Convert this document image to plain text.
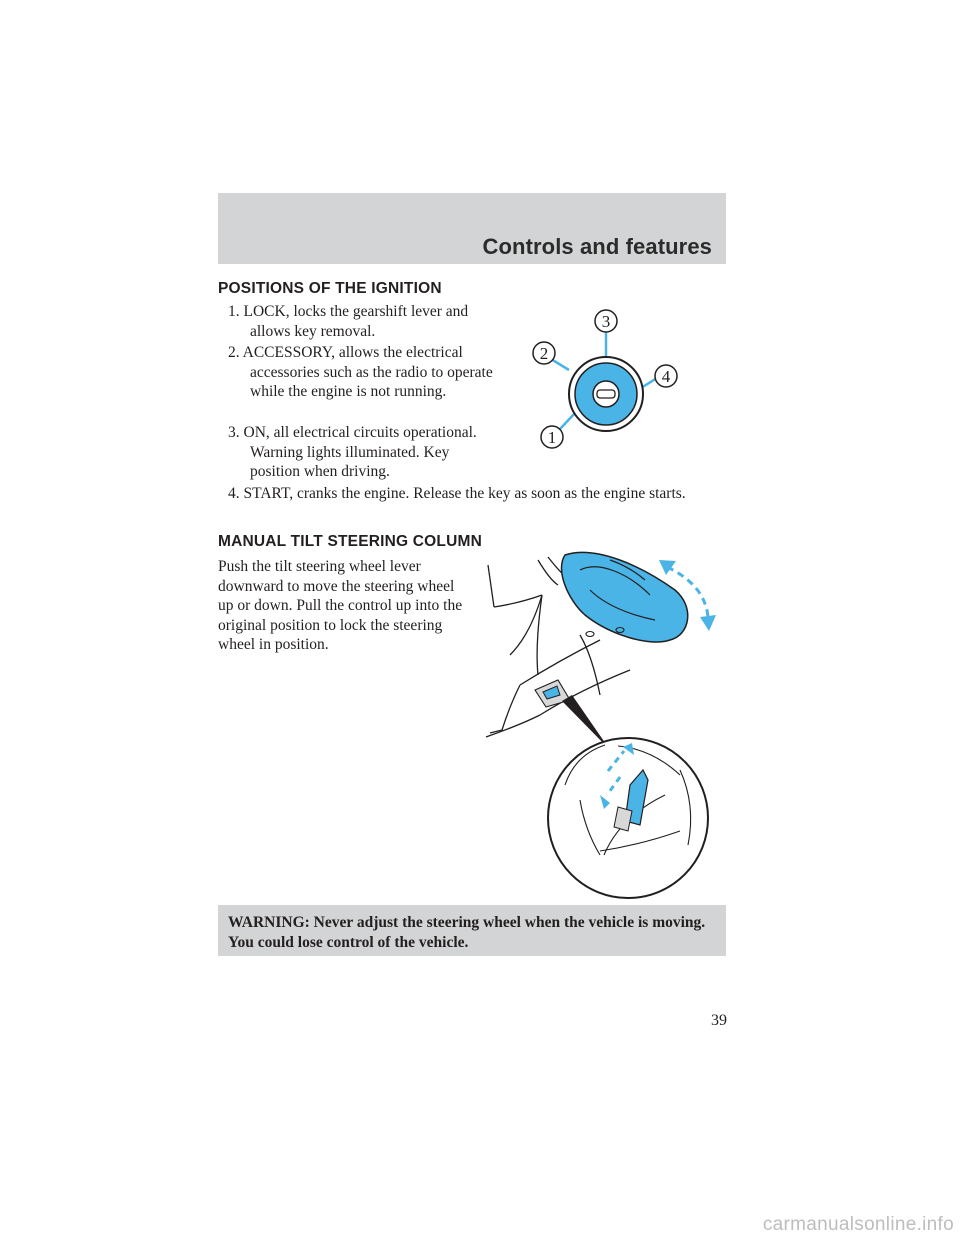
Controls and features
POSITIONS OF THE IGNITION
1. LOCK, locks the gearshift lever and allows key removal.
2. ACCESSORY, allows the electrical accessories such as the radio to operate while the engine is not running.
3. ON, all electrical circuits operational. Warning lights illuminated. Key position when driving.
4. START, cranks the engine. Release the key as soon as the engine starts.
1
2
3
4
MANUAL TILT STEERING COLUMN
Push the tilt steering wheel lever downward to move the steering wheel up or down. Pull the control up into the original position to lock the steering wheel in position.
WARNING: Never adjust the steering wheel when the vehicle is moving. You could lose control of the vehicle.
39
carmanualsonline.info
